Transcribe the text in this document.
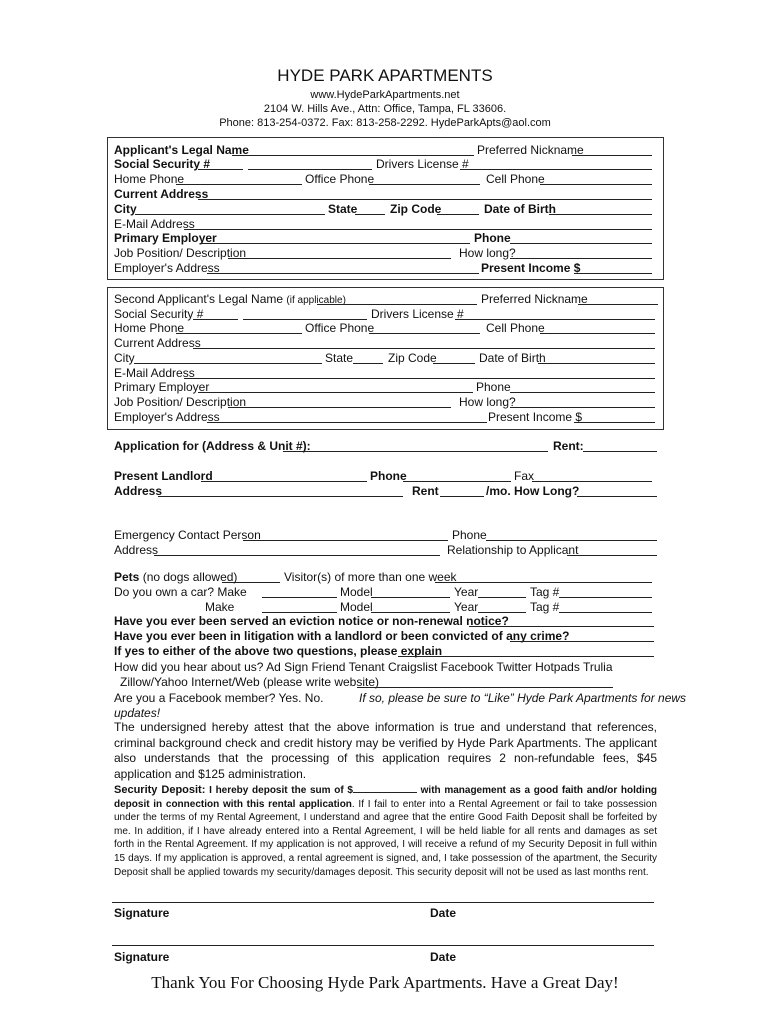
HYDE PARK APARTMENTS
www.HydeParkApartments.net
2104 W. Hills Ave., Attn: Office, Tampa, FL 33606.
Phone: 813-254-0372. Fax: 813-258-2292. HydeParkApts@aol.com
Applicant's Legal Name	Preferred Nickname
Social Security #	Drivers License #
Home Phone	Office Phone	Cell Phone
Current Address
City	State	Zip Code	Date of Birth
E-Mail Address
Primary Employer	Phone
Job Position/ Description	How long?
Employer's Address	Present Income $
Second Applicant's Legal Name (if applicable)	Preferred Nickname
Social Security #	Drivers License #
Home Phone	Office Phone	Cell Phone
Current Address
City	State	Zip Code	Date of Birth
E-Mail Address
Primary Employer	Phone
Job Position/ Description	How long?
Employer's Address	Present Income $
Application for (Address & Unit #):	Rent:
Present Landlord	Phone	Fax
Address	Rent	/mo. How Long?
Emergency Contact Person	Phone
Address	Relationship to Applicant
Pets (no dogs allowed)	Visitor(s) of more than one week
Do you own a car? Make	Model	Year	Tag #
Make	Model	Year	Tag #
Have you ever been served an eviction notice or non-renewal notice?
Have you ever been in litigation with a landlord or been convicted of any crime?
If yes to either of the above two questions, please explain
How did you hear about us? Ad Sign Friend Tenant Craigslist Facebook Twitter Hotpads Trulia
Zillow/Yahoo Internet/Web (please write website)
Are you a Facebook member? Yes. No.	If so, please be sure to “Like” Hyde Park Apartments for news
updates!
The undersigned hereby attest that the above information is true and understand that references, criminal background check and credit history may be verified by Hyde Park Apartments. The applicant also understands that the processing of this application requires 2 non-refundable fees, $45 application and $125 administration.
Security Deposit: I hereby deposit the sum of $	with management as a good faith and/or holding deposit in connection with this rental application. If I fail to enter into a Rental Agreement or fail to take possession under the terms of my Rental Agreement, I understand and agree that the entire Good Faith Deposit shall be forfeited by me. In addition, if I have already entered into a Rental Agreement, I will be held liable for all rents and damages as set forth in the Rental Agreement. If my application is not approved, I will receive a refund of my Security Deposit in full within 15 days. If my application is approved, a rental agreement is signed, and, I take possession of the apartment, the Security Deposit shall be applied towards my security/damages deposit. This security deposit will not be used as last months rent.
Signature	Date
Signature	Date
Thank You For Choosing Hyde Park Apartments. Have a Great Day!
